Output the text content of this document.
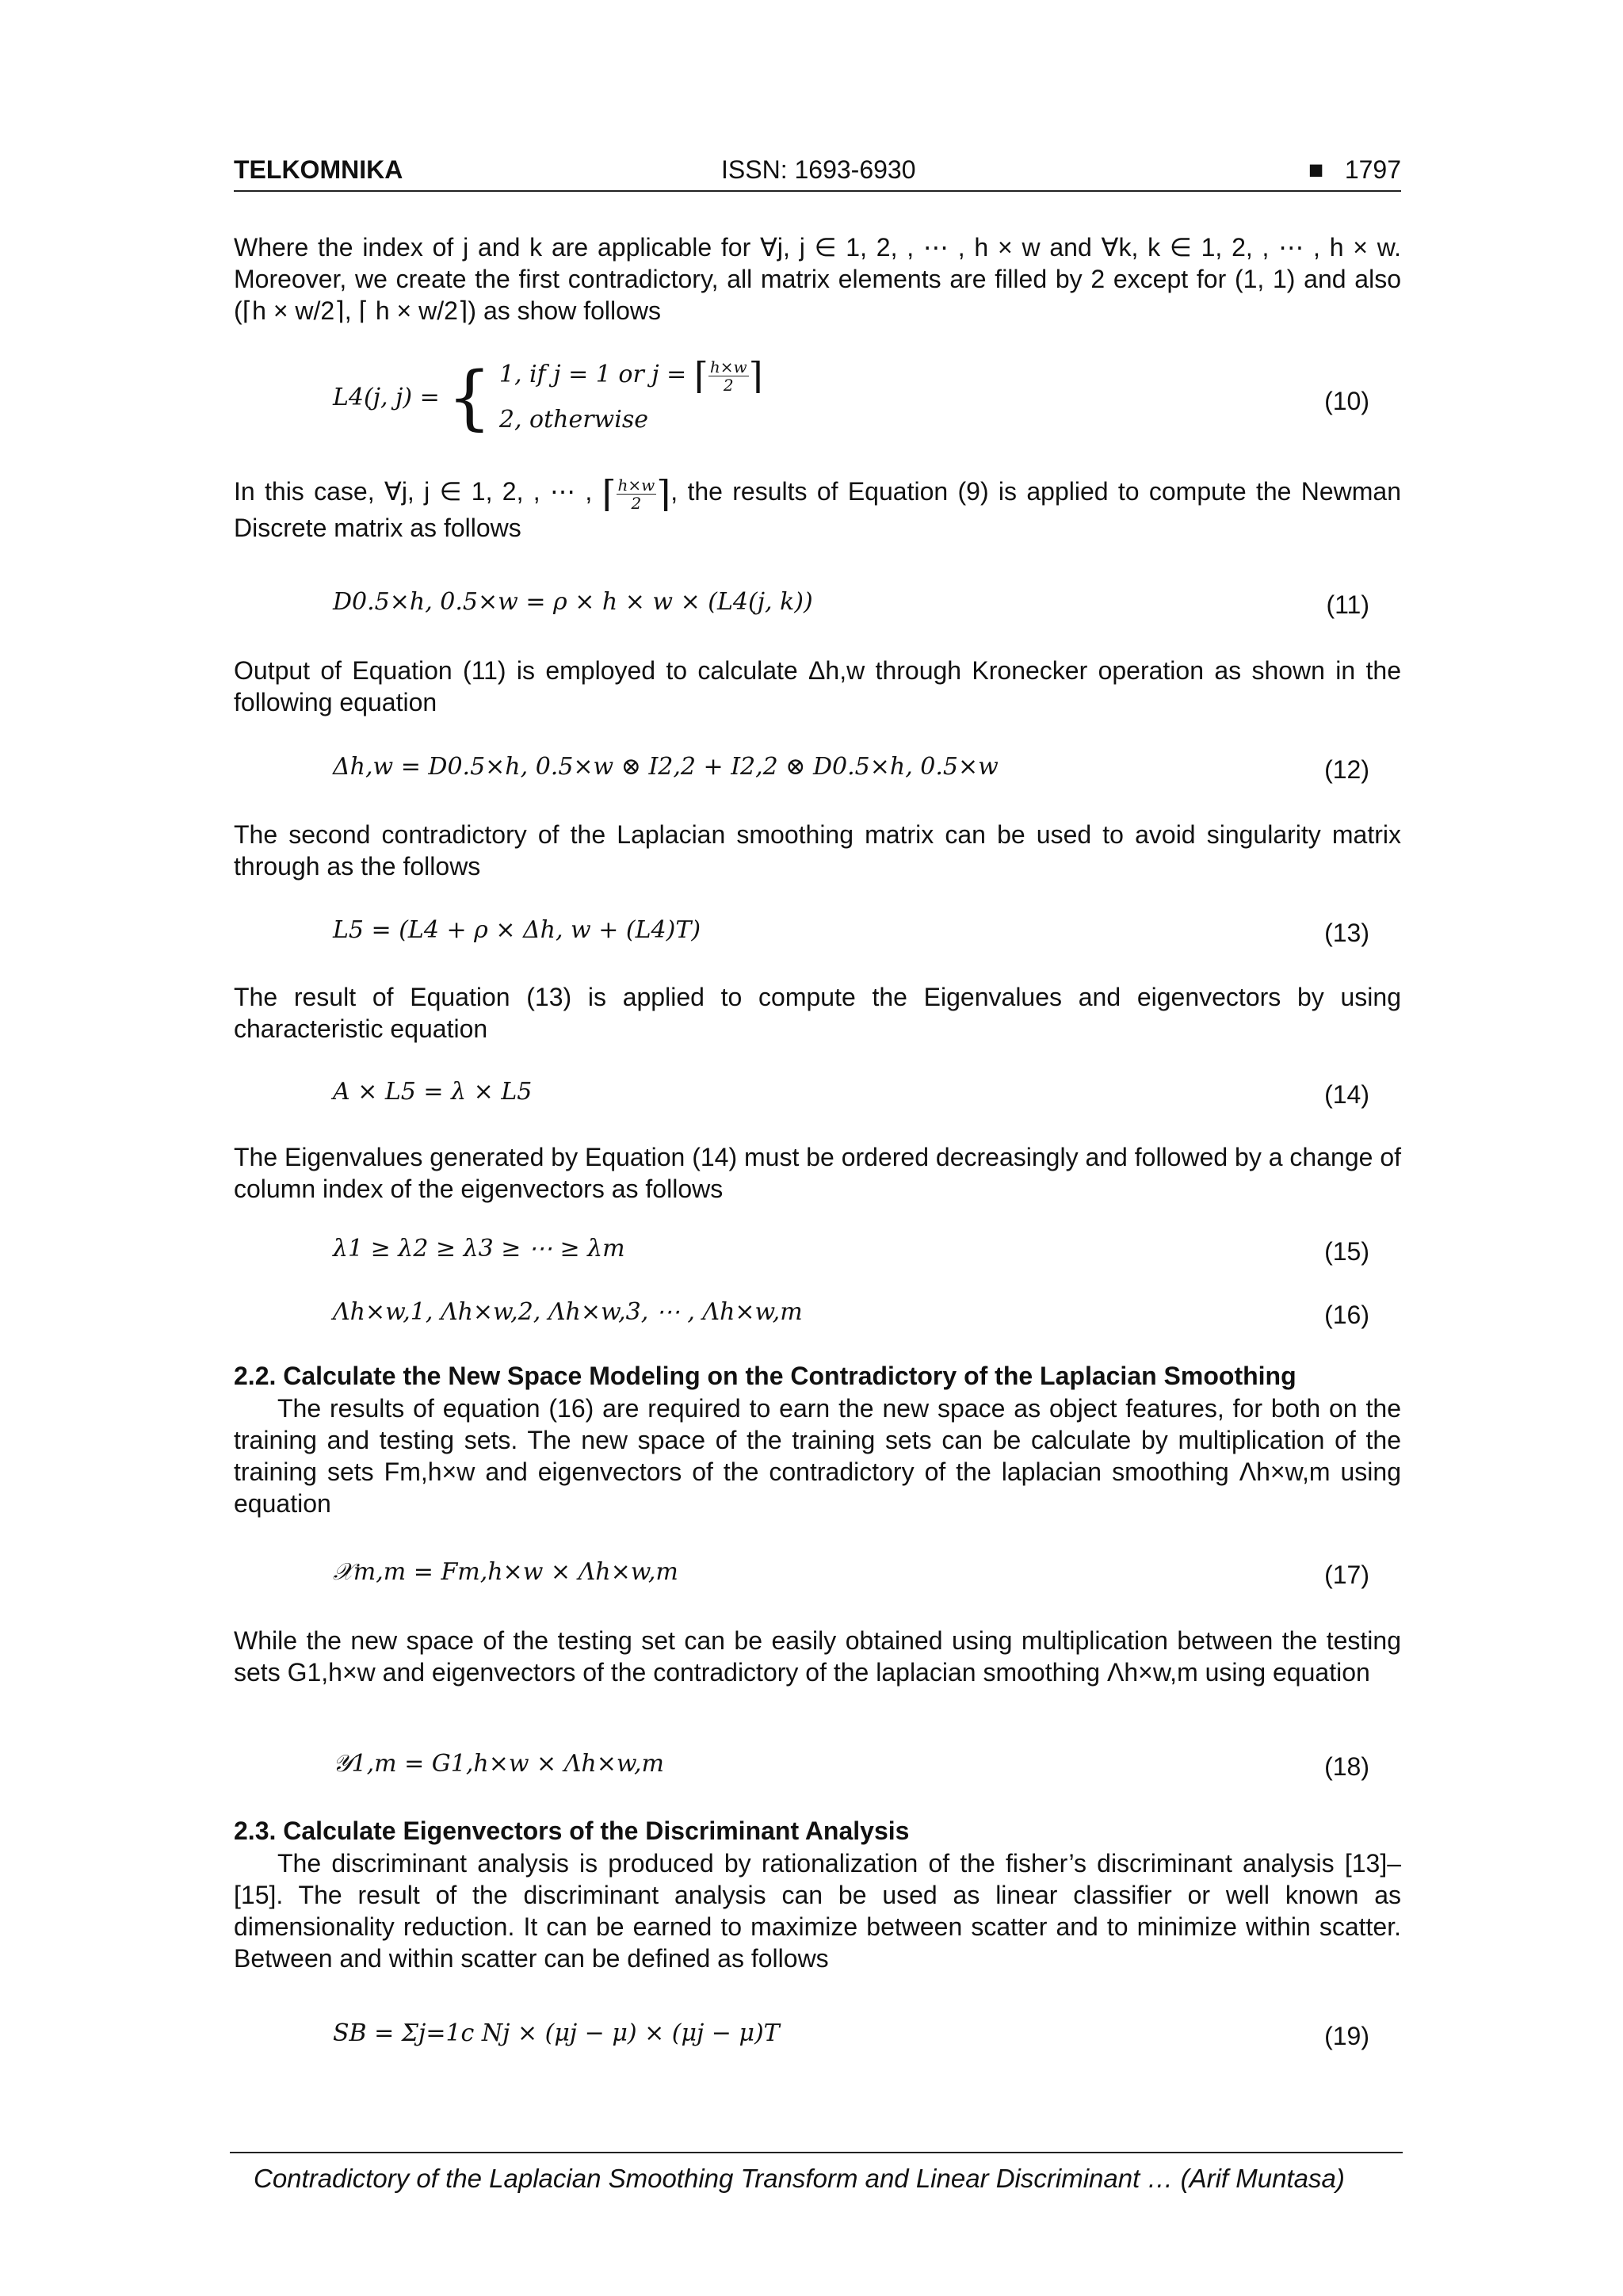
TELKOMNIKA	ISSN: 1693-6930	■ 1797

Where the index of j and k are applicable for ∀j, j ∈ 1, 2, , ⋯ , h × w and ∀k, k ∈ 1, 2, , ⋯ , h × w. Moreover, we create the first contradictory, all matrix elements are filled by 2 except for (1, 1) and also (⌈h × w/2⌉, ⌈ h × w/2⌉) as show follows

L4(j, j) = { 1, if j = 1 or j = ⌈ $\frac{h\times w}{2}$ ⌉
2, otherwise
(10)

In this case, ∀j, j ∈ 1, 2, , ⋯ , ⌈ $\frac{h\times w}{2}$ ⌉, the results of Equation (9) is applied to compute the Newman Discrete matrix as follows

D0.5×h, 0.5×w = ρ × h × w × (L4(j, k))	(11)

Output of Equation (11) is employed to calculate Δh,w through Kronecker operation as shown in the following equation

Δh,w = D0.5×h, 0.5×w ⊗ I2,2 + I2,2 ⊗ D0.5×h, 0.5×w	(12)

The second contradictory of the Laplacian smoothing matrix can be used to avoid singularity matrix through as the follows

L5 = (L4 + ρ × Δh, w + (L4)T)	(13)

The result of Equation (13) is applied to compute the Eigenvalues and eigenvectors by using characteristic equation

A × L5 = λ × L5	(14)

The Eigenvalues generated by Equation (14) must be ordered decreasingly and followed by a change of column index of the eigenvectors as follows

λ1 ≥ λ2 ≥ λ3 ≥ ⋯ ≥ λm	(15)
Λh×w,1, Λh×w,2, Λh×w,3, ⋯ , Λh×w,m	(16)
2.2. Calculate the New Space Modeling on the Contradictory of the Laplacian Smoothing

The results of equation (16) are required to earn the new space as object features, for both on the training and testing sets. The new space of the training sets can be calculate by multiplication of the training sets Fm,h×w and eigenvectors of the contradictory of the laplacian smoothing Λh×w,m using equation

𝒳m,m = Fm,h×w × Λh×w,m	(17)

While the new space of the testing set can be easily obtained using multiplication between the testing sets G1,h×w and eigenvectors of the contradictory of the laplacian smoothing Λh×w,m using equation

𝒴1,m = G1,h×w × Λh×w,m	(18)
2.3. Calculate Eigenvectors of the Discriminant Analysis

The discriminant analysis is produced by rationalization of the fisher’s discriminant analysis [13]–[15]. The result of the discriminant analysis can be used as linear classifier or well known as dimensionality reduction. It can be earned to maximize between scatter and to minimize within scatter. Between and within scatter can be defined as follows

SB = Σj=1c Nj × (μj − μ) × (μj − μ)T	(19)
Contradictory of the Laplacian Smoothing Transform and Linear Discriminant … (Arif Muntasa)
